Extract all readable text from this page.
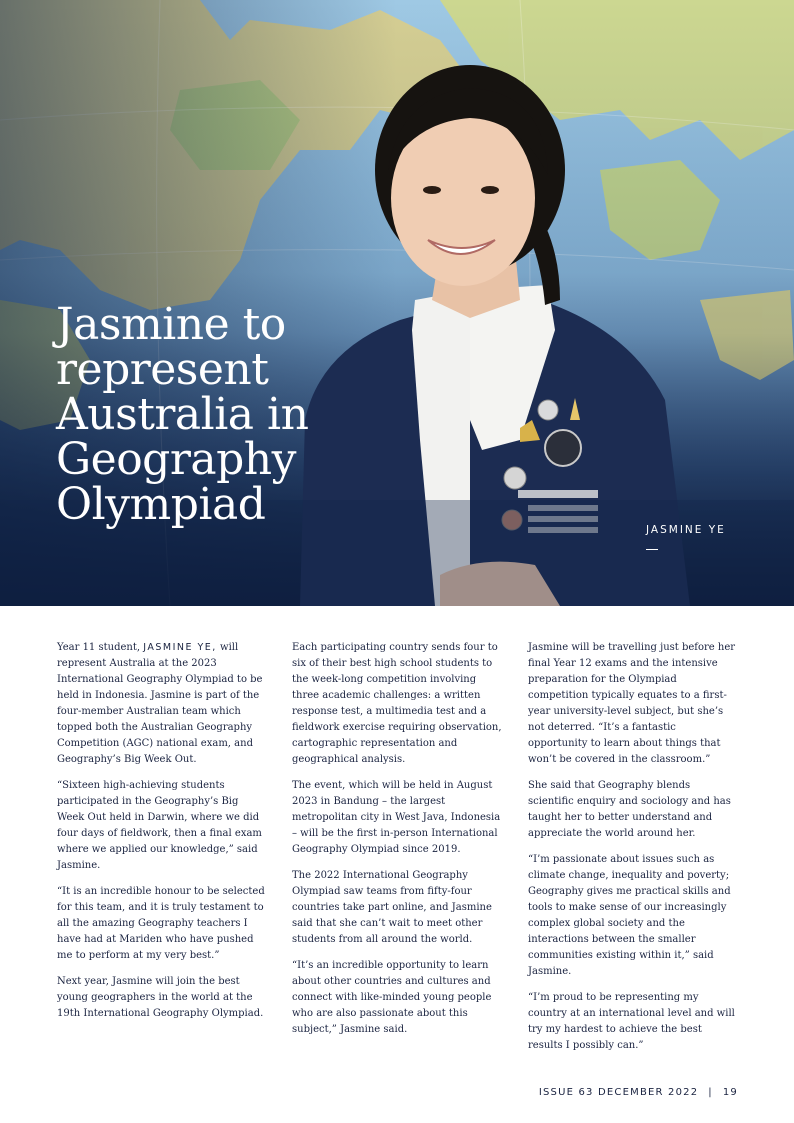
Jasmine to represent Australia in Geography Olympiad	JASMINE YE

Year 11 student, JASMINE YE, will represent Australia at the 2023 International Geography Olympiad to be held in Indonesia. Jasmine is part of the four-member Australian team which topped both the Australian Geography Competition (AGC) national exam, and Geography’s Big Week Out.

“Sixteen high-achieving students participated in the Geography’s Big Week Out held in Darwin, where we did four days of fieldwork, then a final exam where we applied our knowledge,” said Jasmine.

“It is an incredible honour to be selected for this team, and it is truly testament to all the amazing Geography teachers I have had at Mariden who have pushed me to perform at my very best.”

Next year, Jasmine will join the best young geographers in the world at the 19th International Geography Olympiad.

Each participating country sends four to six of their best high school students to the week-long competition involving three academic challenges: a written response test, a multimedia test and a fieldwork exercise requiring observation, cartographic representation and geographical analysis.

The event, which will be held in August 2023 in Bandung – the largest metropolitan city in West Java, Indonesia – will be the first in-person International Geography Olympiad since 2019.

The 2022 International Geography Olympiad saw teams from fifty-four countries take part online, and Jasmine said that she can’t wait to meet other students from all around the world.

“It’s an incredible opportunity to learn about other countries and cultures and connect with like-minded young people who are also passionate about this subject,” Jasmine said.

Jasmine will be travelling just before her final Year 12 exams and the intensive preparation for the Olympiad competition typically equates to a first-year university-level subject, but she’s not deterred. “It’s a fantastic opportunity to learn about things that won’t be covered in the classroom.”

She said that Geography blends scientific enquiry and sociology and has taught her to better understand and appreciate the world around her.

“I’m passionate about issues such as climate change, inequality and poverty; Geography gives me practical skills and tools to make sense of our increasingly complex global society and the interactions between the smaller communities existing within it,” said Jasmine.

“I’m proud to be representing my country at an international level and will try my hardest to achieve the best results I possibly can.”

ISSUE 63 DECEMBER 2022 | 19
